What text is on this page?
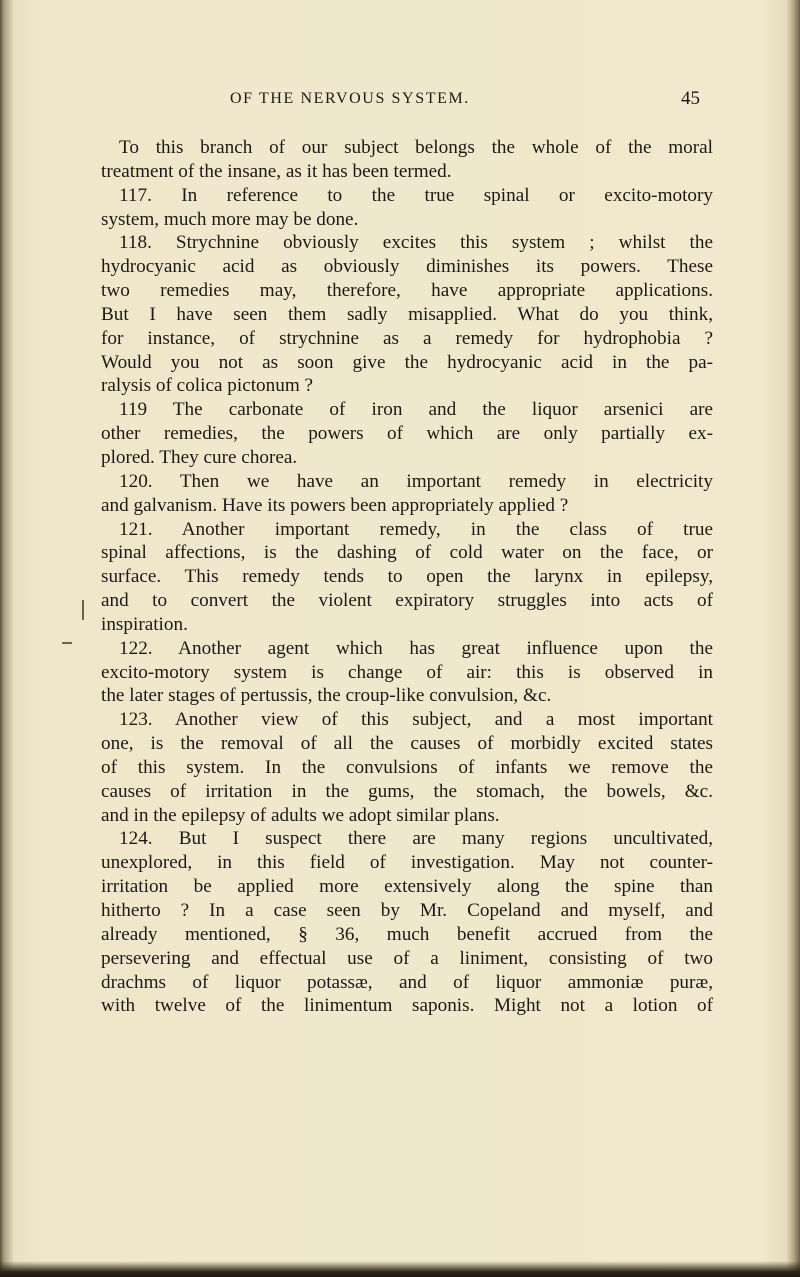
OF THE NERVOUS SYSTEM.	45
To this branch of our subject belongs the whole of the moral
treatment of the insane, as it has been termed.
117. In reference to the true spinal or excito-motory
system, much more may be done.
118. Strychnine obviously excites this system ; whilst the
hydrocyanic acid as obviously diminishes its powers. These
two remedies may, therefore, have appropriate applications.
But I have seen them sadly misapplied. What do you think,
for instance, of strychnine as a remedy for hydrophobia ?
Would you not as soon give the hydrocyanic acid in the pa-
ralysis of colica pictonum ?
119 The carbonate of iron and the liquor arsenici are
other remedies, the powers of which are only partially ex-
plored. They cure chorea.
120. Then we have an important remedy in electricity
and galvanism. Have its powers been appropriately applied ?
121. Another important remedy, in the class of true
spinal affections, is the dashing of cold water on the face, or
surface. This remedy tends to open the larynx in epilepsy,
and to convert the violent expiratory struggles into acts of
inspiration.
122. Another agent which has great influence upon the
excito-motory system is change of air: this is observed in
the later stages of pertussis, the croup-like convulsion, &c.
123. Another view of this subject, and a most important
one, is the removal of all the causes of morbidly excited states
of this system. In the convulsions of infants we remove the
causes of irritation in the gums, the stomach, the bowels, &c.
and in the epilepsy of adults we adopt similar plans.
124. But I suspect there are many regions uncultivated,
unexplored, in this field of investigation. May not counter-
irritation be applied more extensively along the spine than
hitherto ? In a case seen by Mr. Copeland and myself, and
already mentioned, § 36, much benefit accrued from the
persevering and effectual use of a liniment, consisting of two
drachms of liquor potassæ, and of liquor ammoniæ puræ,
with twelve of the linimentum saponis. Might not a lotion of
